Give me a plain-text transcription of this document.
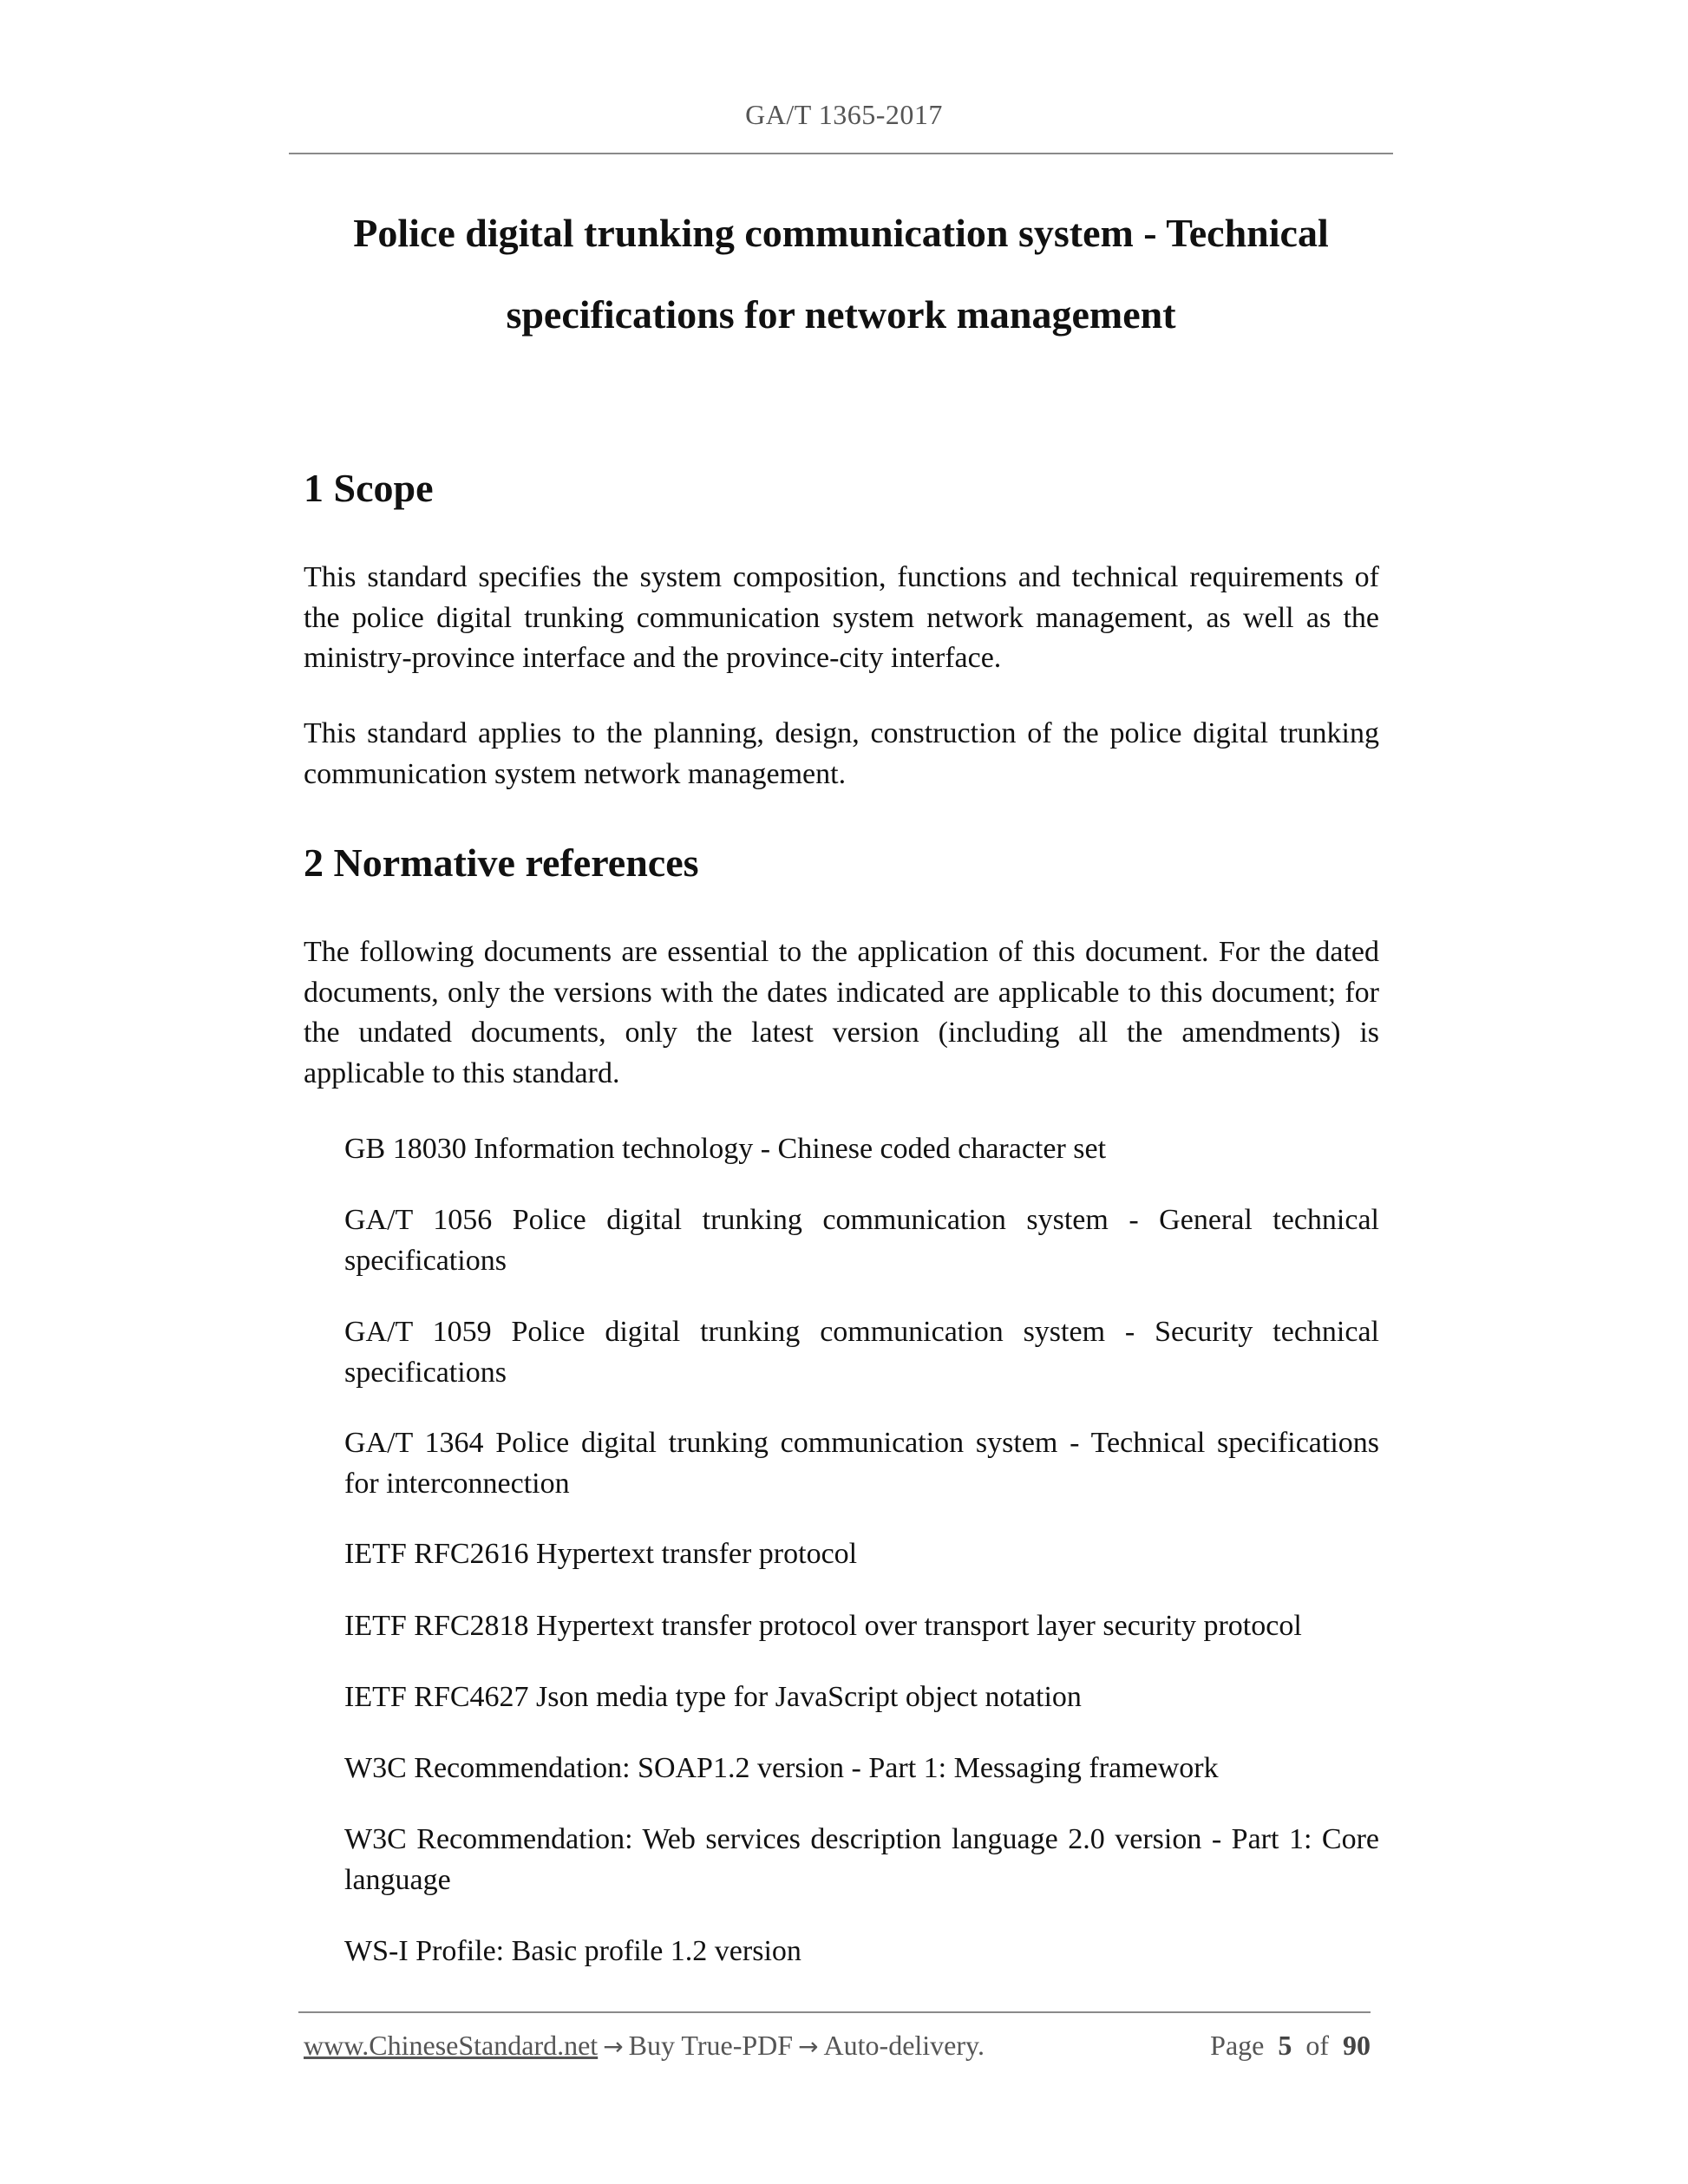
GA/T 1365-2017
Police digital trunking communication system - Technical
specifications for network management
1 Scope

This standard specifies the system composition, functions and technical requirements of the police digital trunking communication system network management, as well as the ministry-province interface and the province-city interface.

This standard applies to the planning, design, construction of the police digital trunking communication system network management.

2 Normative references

The following documents are essential to the application of this document. For the dated documents, only the versions with the dates indicated are applicable to this document; for the undated documents, only the latest version (including all the amendments) is applicable to this standard.

GB 18030 Information technology - Chinese coded character set

GA/T 1056 Police digital trunking communication system - General technical specifications

GA/T 1059 Police digital trunking communication system - Security technical specifications

GA/T 1364 Police digital trunking communication system - Technical specifications for interconnection

IETF RFC2616 Hypertext transfer protocol

IETF RFC2818 Hypertext transfer protocol over transport layer security protocol

IETF RFC4627 Json media type for JavaScript object notation

W3C Recommendation: SOAP1.2 version - Part 1: Messaging framework

W3C Recommendation: Web services description language 2.0 version - Part 1: Core language

WS-I Profile: Basic profile 1.2 version

www.ChineseStandard.net → Buy True-PDF → Auto-delivery.	Page 5 of 90
